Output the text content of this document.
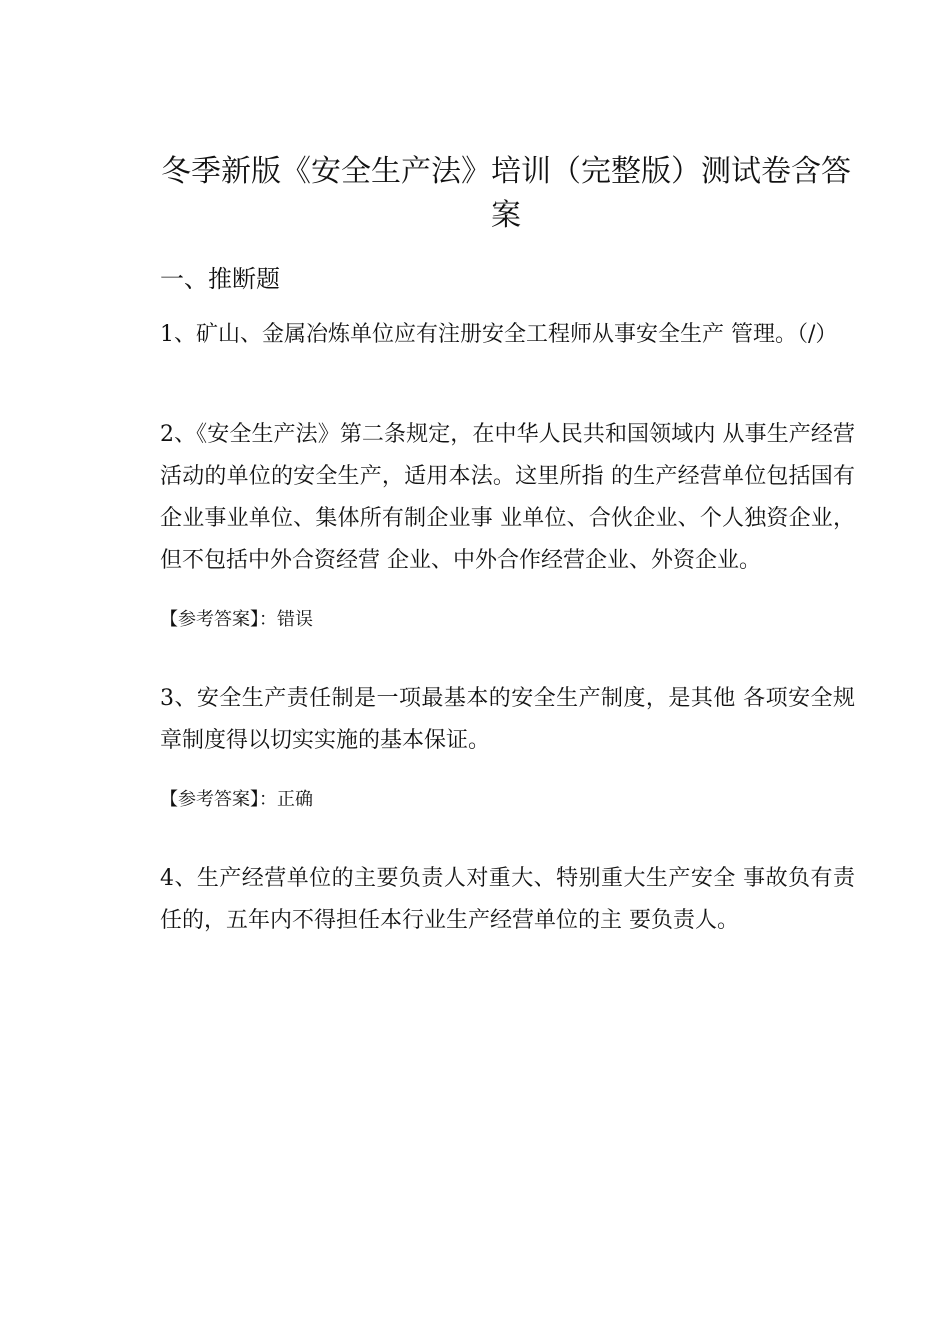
冬季新版《安全生产法》培训（完整版）测试卷含答案
一、推断题

1、矿山、金属冶炼单位应有注册安全工程师从事安全生产 管理。（/）

2、《安全生产法》第二条规定，在中华人民共和国领域内 从事生产经营活动的单位的安全生产，适用本法。这里所指 的生产经营单位包括国有企业事业单位、集体所有制企业事 业单位、合伙企业、个人独资企业，但不包括中外合资经营 企业、中外合作经营企业、外资企业。

【参考答案】：错误

3、安全生产责任制是一项最基本的安全生产制度，是其他 各项安全规章制度得以切实实施的基本保证。

【参考答案】：正确

4、生产经营单位的主要负责人对重大、特别重大生产安全 事故负有责任的，五年内不得担任本行业生产经营单位的主 要负责人。
